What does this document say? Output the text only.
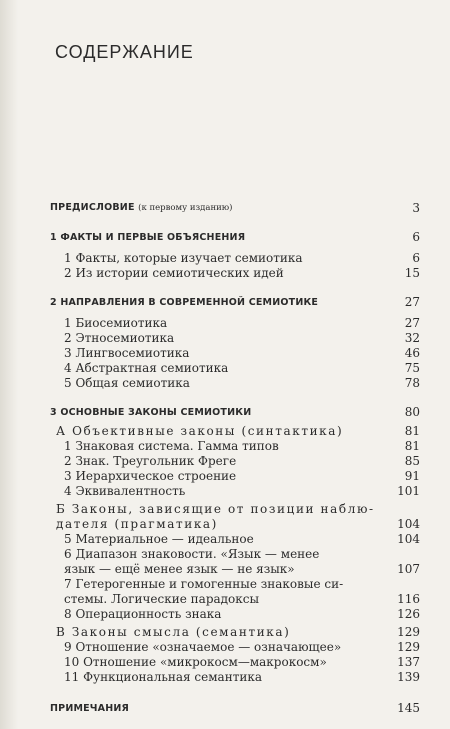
СОДЕРЖАНИЕ
ПРЕДИСЛОВИЕ (к первому изданию)	3
1 ФАКТЫ И ПЕРВЫЕ ОБЪЯСНЕНИЯ	6
1 Факты, которые изучает семиотика	6
2 Из истории семиотических идей	15
2 НАПРАВЛЕНИЯ В СОВРЕМЕННОЙ СЕМИОТИКЕ	27
1 Биосемиотика	27
2 Этносемиотика	32
3 Лингвосемиотика	46
4 Абстрактная семиотика	75
5 Общая семиотика	78
3 ОСНОВНЫЕ ЗАКОНЫ СЕМИОТИКИ	80
А Объективные законы (синтактика)	81
1 Знаковая система. Гамма типов	81
2 Знак. Треугольник Фреге	85
3 Иерархическое строение	91
4 Эквивалентность	101
Б Законы, зависящие от позиции наблю-
дателя (прагматика)	104
5 Материальное — идеальное	104
6 Диапазон знаковости. «Язык — менее
язык — ещё менее язык — не язык»	107
7 Гетерогенные и гомогенные знаковые си-
стемы. Логические парадоксы	116
8 Операционность знака	126
В Законы смысла (семантика)	129
9 Отношение «означаемое — означающее»	129
10 Отношение «микрокосм—макрокосм»	137
11 Функциональная семантика	139
ПРИМЕЧАНИЯ	145
